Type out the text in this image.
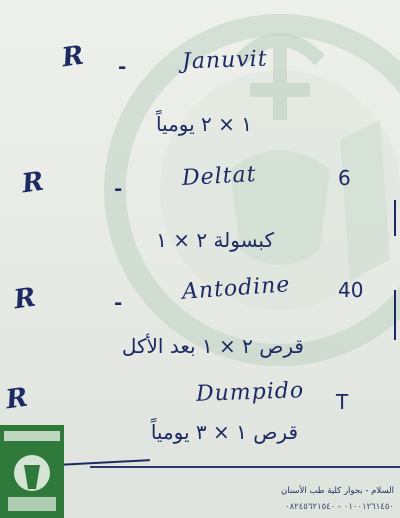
R -	Januvit
١ × ٢ يومياً
R	-	Deltat	6
كبسولة ٢ × ١
R	-	Antodine 40
قرص ٢ × ١ بعد الأكل
R	Dumpido T
قرص ١ × ٣ يومياً
السلام - بجوار كلية طب الأسنان
٠١٠٠١٢٦١٤٥٠ - ٠٨٢٤٥٦٢١٥٤٠
